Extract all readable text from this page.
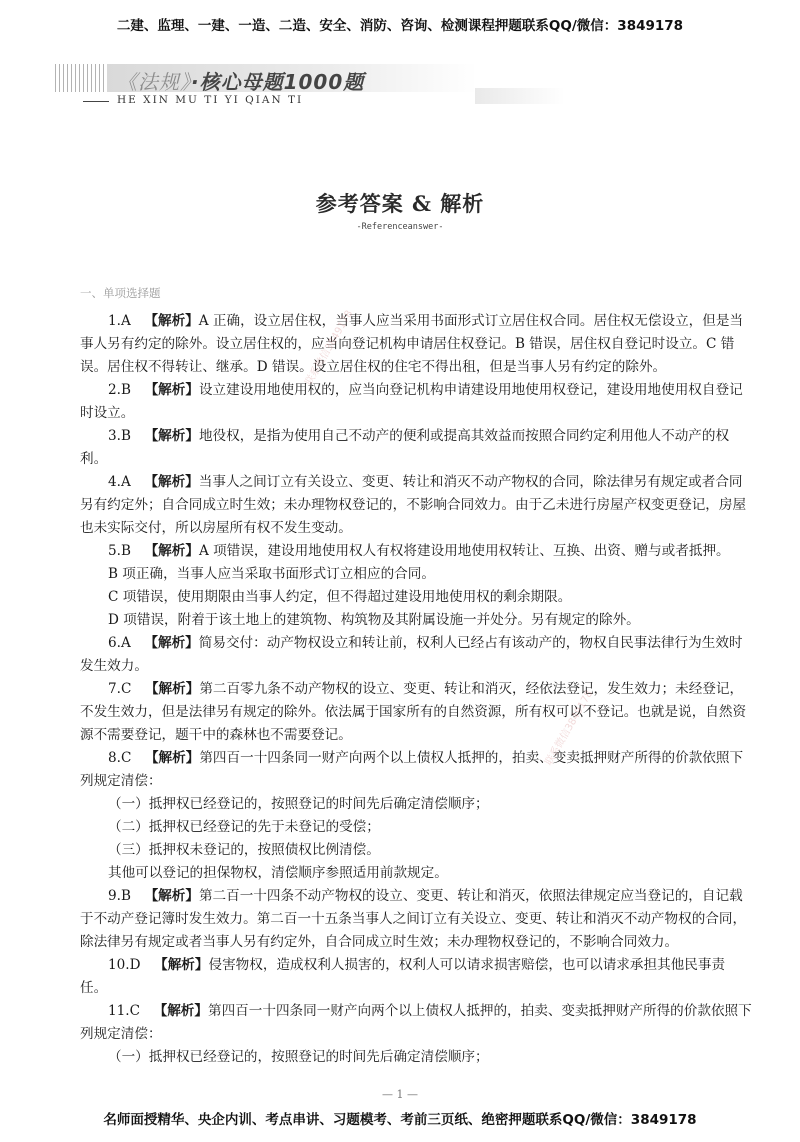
二建、监理、一建、一造、二造、安全、消防、咨询、检测课程押题联系QQ/微信：3849178
《法规》·核心母题1000题
HE XIN MU TI YI QIAN TI
参考答案 & 解析
-Referenceanswer-
一、单项选择题

1.A  【解析】A 正确，设立居住权，当事人应当采用书面形式订立居住权合同。居住权无偿设立，但是当事人另有约定的除外。设立居住权的，应当向登记机构申请居住权登记。B 错误，居住权自登记时设立。C 错误。居住权不得转让、继承。D 错误。设立居住权的住宅不得出租，但是当事人另有约定的除外。

2.B  【解析】设立建设用地使用权的，应当向登记机构申请建设用地使用权登记，建设用地使用权自登记时设立。

3.B  【解析】地役权，是指为使用自己不动产的便利或提高其效益而按照合同约定利用他人不动产的权利。

4.A  【解析】当事人之间订立有关设立、变更、转让和消灭不动产物权的合同，除法律另有规定或者合同另有约定外；自合同成立时生效；未办理物权登记的，不影响合同效力。由于乙未进行房屋产权变更登记，房屋也未实际交付，所以房屋所有权不发生变动。

5.B  【解析】A 项错误，建设用地使用权人有权将建设用地使用权转让、互换、出资、赠与或者抵押。

B 项正确，当事人应当采取书面形式订立相应的合同。

C 项错误，使用期限由当事人约定，但不得超过建设用地使用权的剩余期限。

D 项错误，附着于该土地上的建筑物、构筑物及其附属设施一并处分。另有规定的除外。

6.A  【解析】简易交付：动产物权设立和转让前，权利人已经占有该动产的，物权自民事法律行为生效时发生效力。

7.C  【解析】第二百零九条不动产物权的设立、变更、转让和消灭，经依法登记，发生效力；未经登记，不发生效力，但是法律另有规定的除外。依法属于国家所有的自然资源，所有权可以不登记。也就是说，自然资源不需要登记，题干中的森林也不需要登记。

8.C  【解析】第四百一十四条同一财产向两个以上债权人抵押的，拍卖、变卖抵押财产所得的价款依照下列规定清偿：

（一）抵押权已经登记的，按照登记的时间先后确定清偿顺序；

（二）抵押权已经登记的先于未登记的受偿；

（三）抵押权未登记的，按照债权比例清偿。

其他可以登记的担保物权，清偿顺序参照适用前款规定。

9.B  【解析】第二百一十四条不动产物权的设立、变更、转让和消灭，依照法律规定应当登记的，自记载于不动产登记簿时发生效力。第二百一十五条当事人之间订立有关设立、变更、转让和消灭不动产物权的合同，除法律另有规定或者当事人另有约定外，自合同成立时生效；未办理物权登记的，不影响合同效力。

10.D  【解析】侵害物权，造成权利人损害的，权利人可以请求损害赔偿，也可以请求承担其他民事责任。

11.C  【解析】第四百一十四条同一财产向两个以上债权人抵押的，拍卖、变卖抵押财产所得的价款依照下列规定清偿：

（一）抵押权已经登记的，按照登记的时间先后确定清偿顺序；

联系微信3849178
联系微信3849178
— 1 —
名师面授精华、央企内训、考点串讲、习题模考、考前三页纸、绝密押题联系QQ/微信：3849178
